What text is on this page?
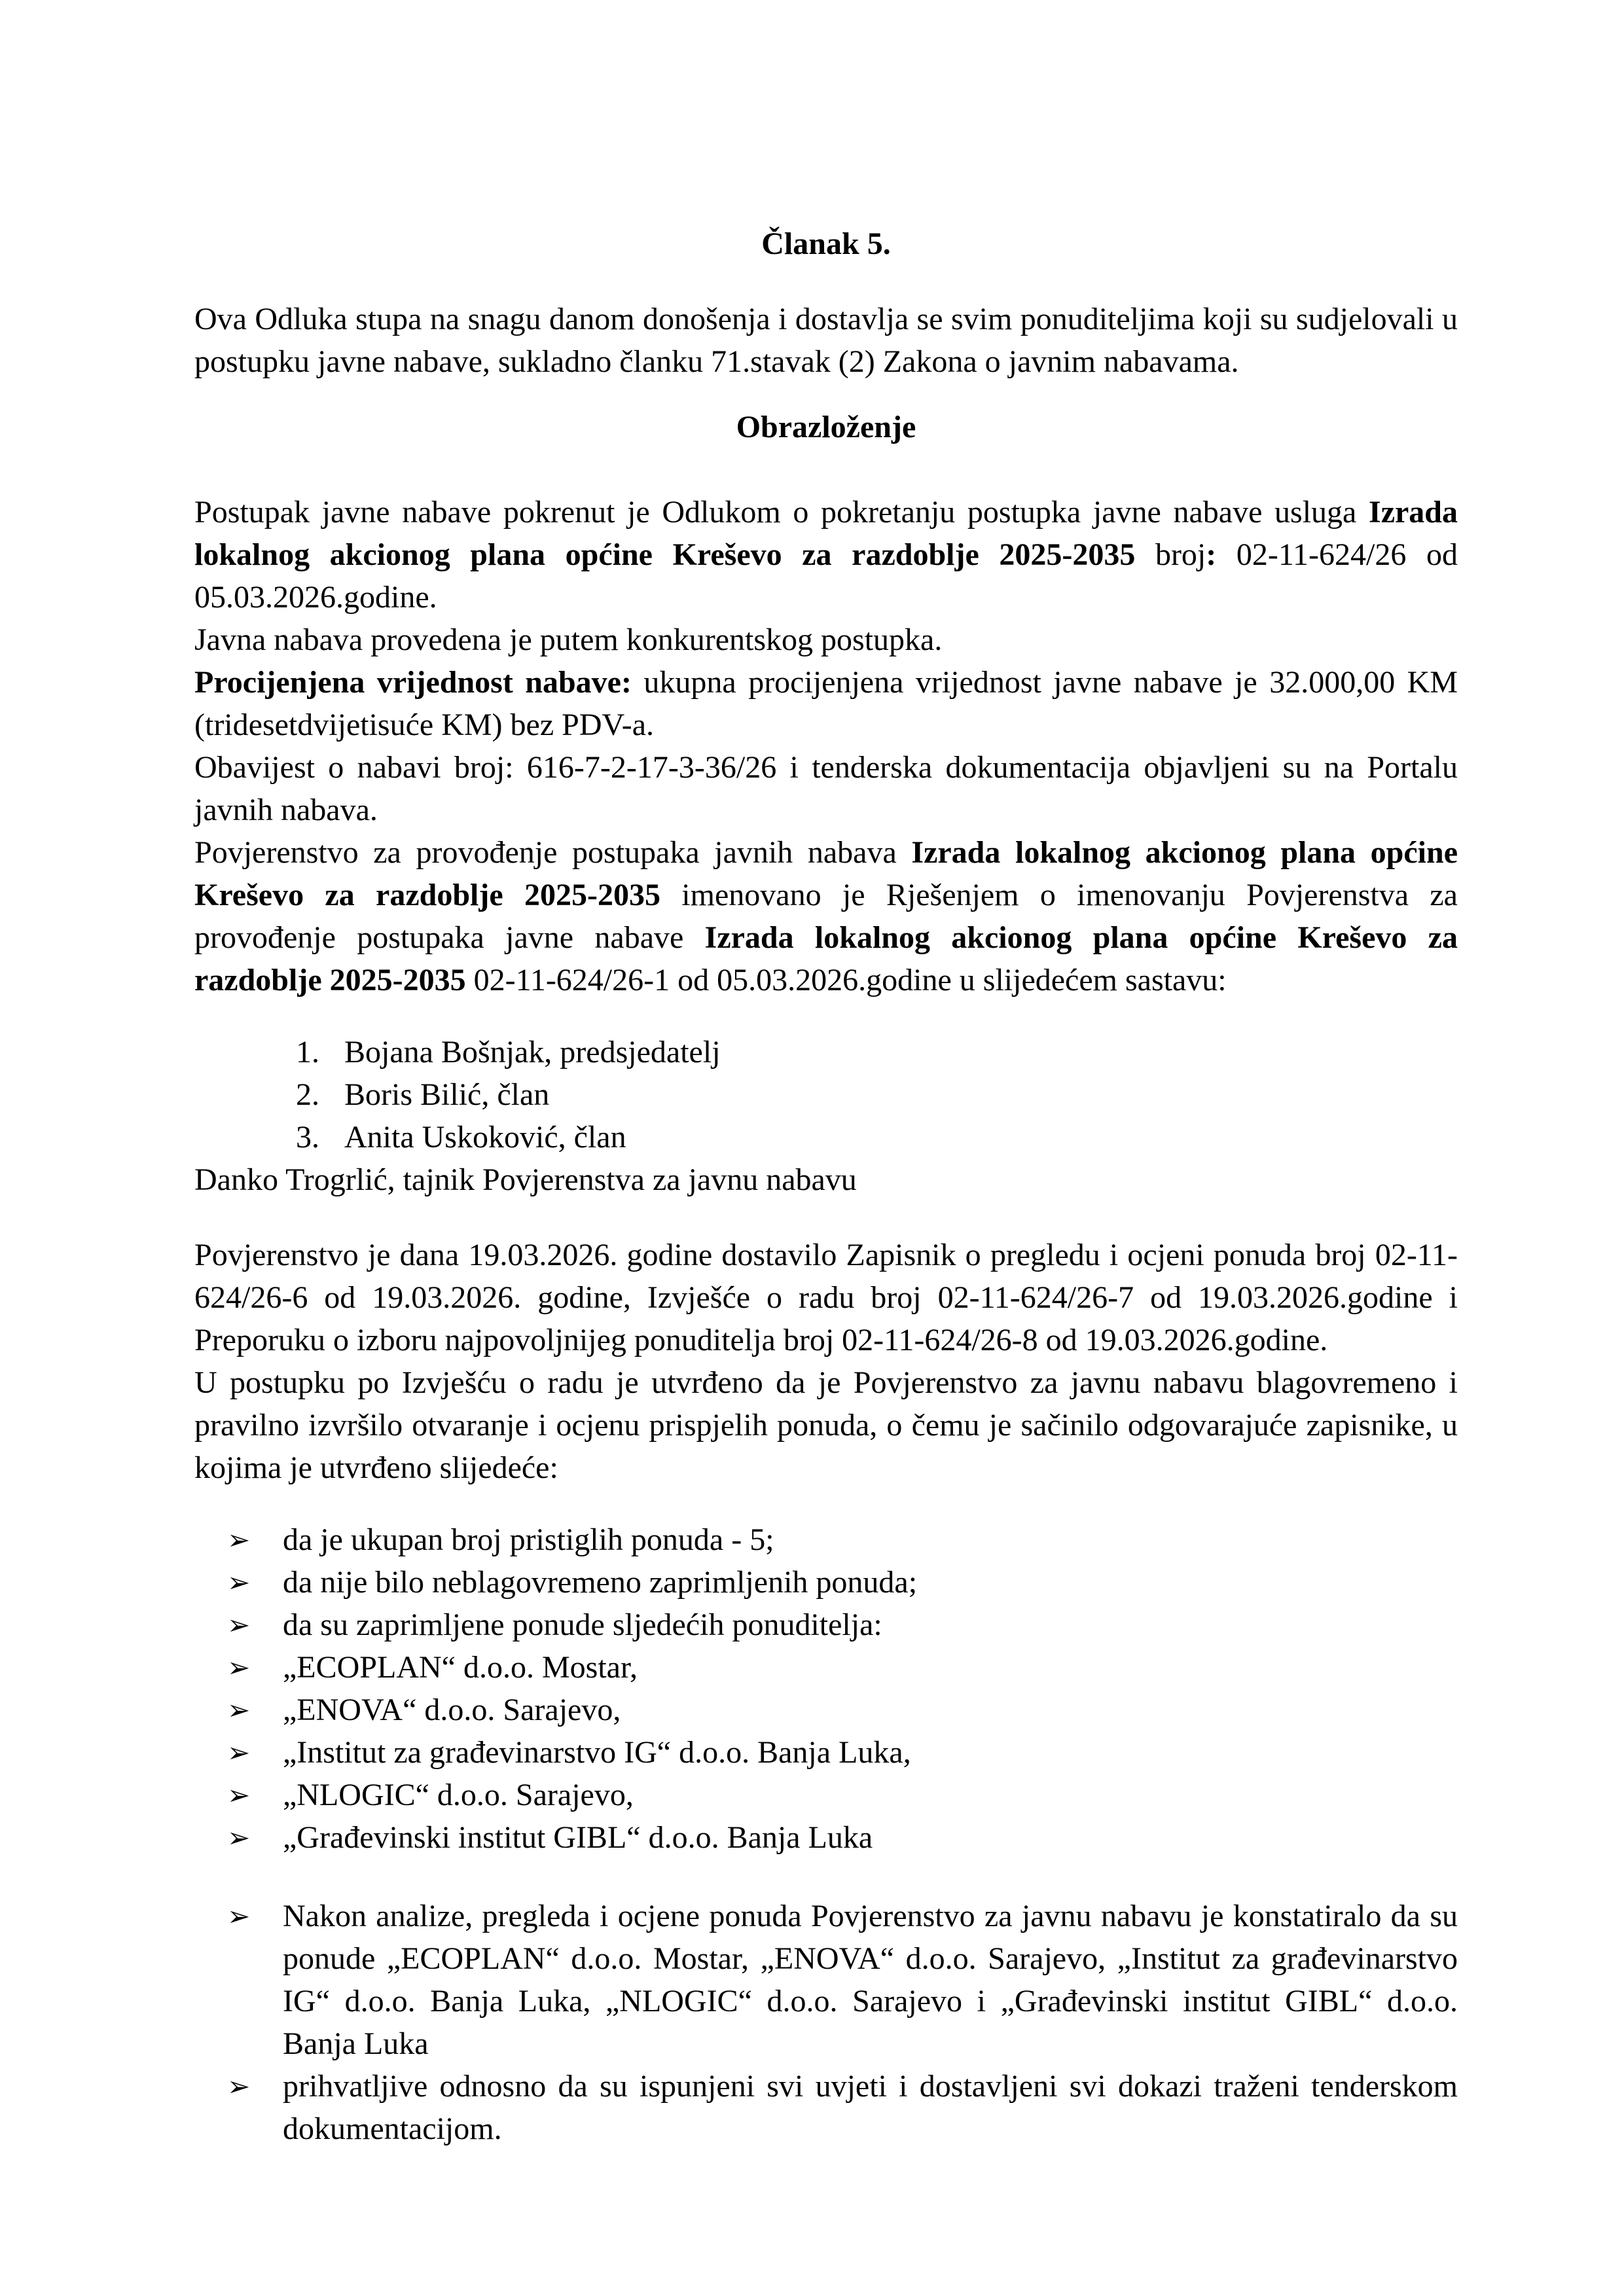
Članak 5.

Ova Odluka stupa na snagu danom donošenja i dostavlja se svim ponuditeljima koji su sudjelovali u postupku javne nabave, sukladno članku 71.stavak (2) Zakona o javnim nabavama.

Obrazloženje

Postupak javne nabave pokrenut je Odlukom o pokretanju postupka javne nabave usluga Izrada lokalnog akcionog plana općine Kreševo za razdoblje 2025-2035 broj: 02-11-624/26 od 05.03.2026.godine.

Javna nabava provedena je putem konkurentskog postupka.

Procijenjena vrijednost nabave: ukupna procijenjena vrijednost javne nabave je 32.000,00 KM (tridesetdvijetisuće KM) bez PDV-a.

Obavijest o nabavi broj: 616-7-2-17-3-36/26 i tenderska dokumentacija objavljeni su na Portalu javnih nabava.

Povjerenstvo za provođenje postupaka javnih nabava Izrada lokalnog akcionog plana općine Kreševo za razdoblje 2025-2035 imenovano je Rješenjem o imenovanju Povjerenstva za provođenje postupaka javne nabave Izrada lokalnog akcionog plana općine Kreševo za razdoblje 2025-2035 02-11-624/26-1 od 05.03.2026.godine u slijedećem sastavu:

1. Bojana Bošnjak, predsjedatelj
2. Boris Bilić, član
3. Anita Uskoković, član

Danko Trogrlić, tajnik Povjerenstva za javnu nabavu

Povjerenstvo je dana 19.03.2026. godine dostavilo Zapisnik o pregledu i ocjeni ponuda broj 02-11-624/26-6 od 19.03.2026. godine, Izvješće o radu broj 02-11-624/26-7 od 19.03.2026.godine i Preporuku o izboru najpovoljnijeg ponuditelja broj 02-11-624/26-8 od 19.03.2026.godine.

U postupku po Izvješću o radu je utvrđeno da je Povjerenstvo za javnu nabavu blagovremeno i pravilno izvršilo otvaranje i ocjenu prispjelih ponuda, o čemu je sačinilo odgovarajuće zapisnike, u kojima je utvrđeno slijedeće:

➢	da je ukupan broj pristiglih ponuda - 5;
➢	da nije bilo neblagovremeno zaprimljenih ponuda;
➢	da su zaprimljene ponude sljedećih ponuditelja:
➢	„ECOPLAN“ d.o.o. Mostar,
➢	„ENOVA“ d.o.o. Sarajevo,
➢	„Institut za građevinarstvo IG“ d.o.o. Banja Luka,
➢	„NLOGIC“ d.o.o. Sarajevo,
➢	„Građevinski institut GIBL“ d.o.o. Banja Luka
➢	Nakon analize, pregleda i ocjene ponuda Povjerenstvo za javnu nabavu je konstatiralo da su ponude „ECOPLAN“ d.o.o. Mostar, „ENOVA“ d.o.o. Sarajevo, „Institut za građevinarstvo IG“ d.o.o. Banja Luka, „NLOGIC“ d.o.o. Sarajevo i „Građevinski institut GIBL“ d.o.o. Banja Luka
➢	prihvatljive odnosno da su ispunjeni svi uvjeti i dostavljeni svi dokazi traženi tenderskom dokumentacijom.
